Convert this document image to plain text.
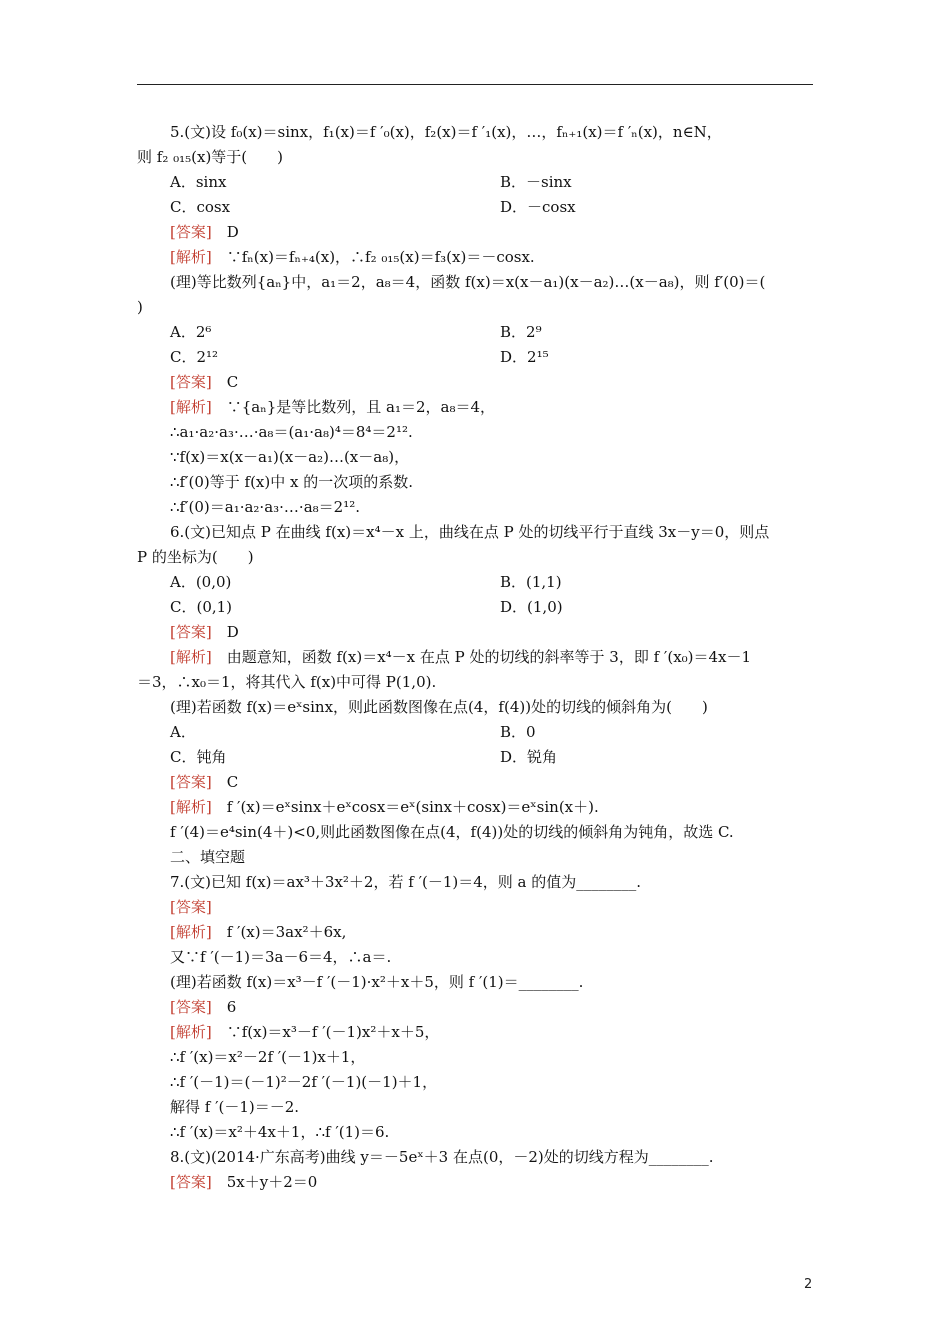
5.(文)设 f₀(x)＝sinx，f₁(x)＝f ′₀(x)，f₂(x)＝f ′₁(x)，…，fₙ₊₁(x)＝f ′ₙ(x)，n∈N，
则 f₂ ₀₁₅(x)等于(　　)
A．sinx	B．－sinx
C．cosx	D．－cosx
[答案]　D
[解析]　∵fₙ(x)＝fₙ₊₄(x)，∴f₂ ₀₁₅(x)＝f₃(x)＝－cosx.
(理)等比数列{aₙ}中，a₁＝2，a₈＝4，函数 f(x)＝x(x－a₁)(x－a₂)…(x－a₈)，则 f′(0)＝(
)
A．2⁶	B．2⁹
C．2¹²	D．2¹⁵
[答案]　C
[解析]　∵{aₙ}是等比数列，且 a₁＝2，a₈＝4，
∴a₁·a₂·a₃·…·a₈＝(a₁·a₈)⁴＝8⁴＝2¹².
∵f(x)＝x(x－a₁)(x－a₂)…(x－a₈)，
∴f′(0)等于 f(x)中 x 的一次项的系数.
∴f′(0)＝a₁·a₂·a₃·…·a₈＝2¹².
6.(文)已知点 P 在曲线 f(x)＝x⁴－x 上，曲线在点 P 处的切线平行于直线 3x－y＝0，则点
P 的坐标为(　　)
A．(0,0)	B．(1,1)
C．(0,1)	D．(1,0)
[答案]　D
[解析]　由题意知，函数 f(x)＝x⁴－x 在点 P 处的切线的斜率等于 3，即 f ′(x₀)＝4x－1
＝3，∴x₀＝1，将其代入 f(x)中可得 P(1,0).
(理)若函数 f(x)＝eˣsinx，则此函数图像在点(4，f(4))处的切线的倾斜角为(　　)
A．	B．0
C．钝角	D．锐角
[答案]　C
[解析]　f ′(x)＝eˣsinx＋eˣcosx＝eˣ(sinx＋cosx)＝eˣsin(x＋).
f ′(4)＝e⁴sin(4＋)<0,则此函数图像在点(4，f(4))处的切线的倾斜角为钝角，故选 C.
二、填空题
7.(文)已知 f(x)＝ax³＋3x²＋2，若 f ′(－1)＝4，则 a 的值为________.
[答案]
[解析]　f ′(x)＝3ax²＋6x,
又∵f ′(－1)＝3a－6＝4，∴a＝.
(理)若函数 f(x)＝x³－f ′(－1)·x²＋x＋5，则 f ′(1)＝________.
[答案]　6
[解析]　∵f(x)＝x³－f ′(－1)x²＋x＋5，
∴f ′(x)＝x²－2f ′(－1)x＋1，
∴f ′(－1)＝(－1)²－2f ′(－1)(－1)＋1，
解得 f ′(－1)＝－2.
∴f ′(x)＝x²＋4x＋1，∴f ′(1)＝6.
8.(文)(2014·广东高考)曲线 y＝－5eˣ＋3 在点(0，－2)处的切线方程为________.
[答案]　5x＋y＋2＝0
2
